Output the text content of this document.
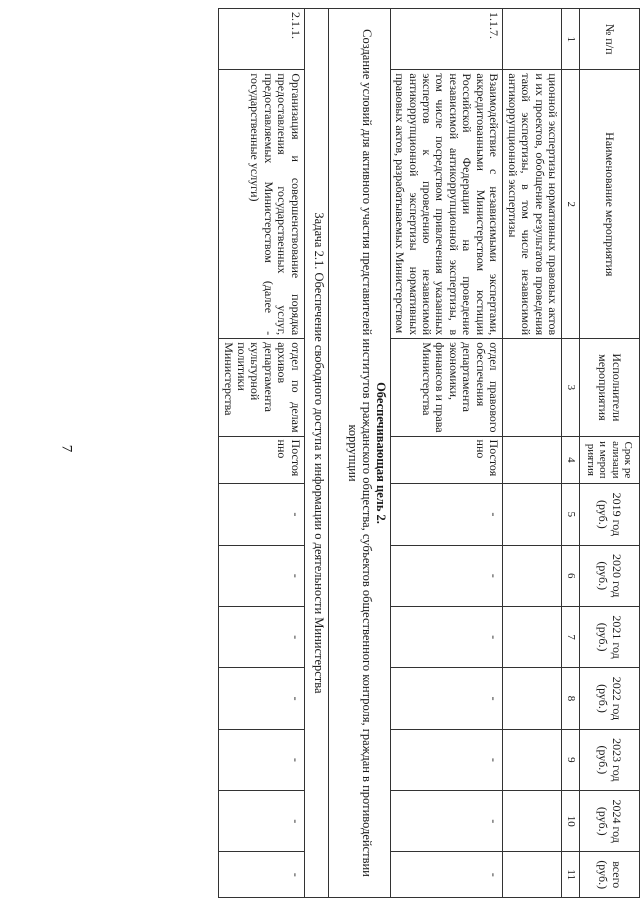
7
№ п/п	Наименование мероприятия	Исполнители мероприятия	Срок реализации мероприятия	2019 год (руб.)	2020 год (руб.)	2021 год (руб.)	2022 год (руб.)	2023 год (руб.)	2024 год (руб.)	всего (руб.)
1	2	3	4	5	6	7	8	9	10	11
	ционной экспертизы нормативных правовых актов и их проектов, обобщение результатов проведения такой экспертизы, в том числе независимой антикоррупционной экспертизы									
1.1.7.	Взаимодействие с независимыми экспертами, аккредитованными Министерством юстиции Российской Федерации на проведение независимой антикоррупционной экспертизы, в том числе посредством привлечения указанных экспертов к проведению независимой антикоррупционной экспертизы нормативных правовых актов, разрабатываемых Министерством	отдел правового обеспечения департамента экономики, финансов и права Министерства	Постоянно	-	-	-	-	-	-	-

Обеспечивающая цель 2.
Создание условий для активного участия представителей институтов гражданского общества, субъектов общественного контроля, граждан в противодействии коррупции										

Задача 2.1. Обеспечение свободного доступа к информации о деятельности Министерства										
2.1.1.	Организация и совершенствование порядка предоставления государственных услуг, предоставляемых Министерством (далее - государственные услуги)	отдел по делам архивов департамента культурной политики Министерства	Постоянно	-	-	-	-	-	-	-
